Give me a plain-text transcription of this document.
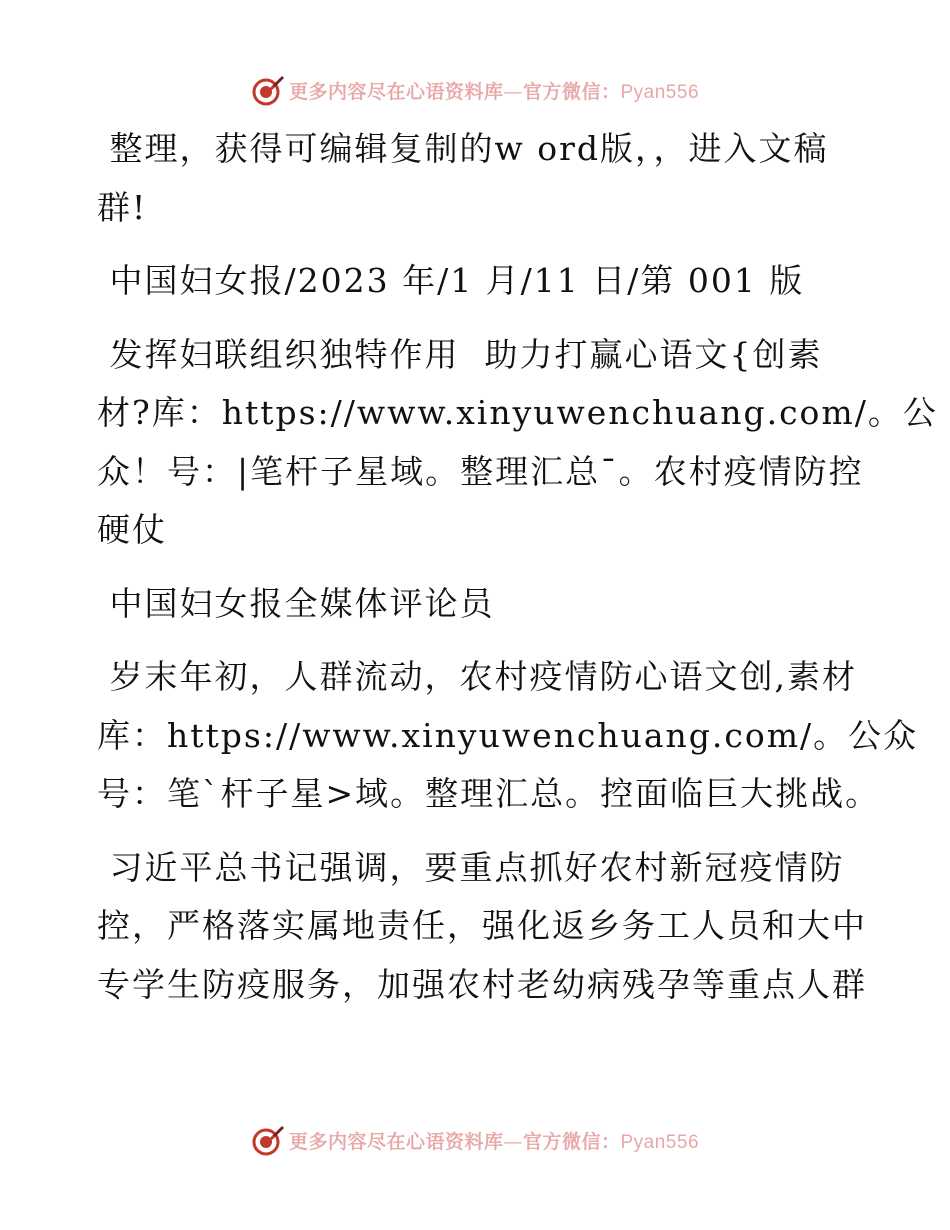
更多内容尽在心语资料库—官方微信：Pyan556
整理，获得可编辑复制的w ord版，，进入文稿
群!
中国妇女报/2023 年/1 月/11 日/第 001 版
发挥妇联组织独特作用  助力打赢心语文{创素
材?库：https://www.xinyuwenchuang.com/。公
众！号：|笔杆子星域。整理汇总¯。农村疫情防控
硬仗
中国妇女报全媒体评论员
岁末年初，人群流动，农村疫情防心语文创,素材
库：https://www.xinyuwenchuang.com/。公众
号：笔`杆子星>域。整理汇总。控面临巨大挑战。
习近平总书记强调，要重点抓好农村新冠疫情防
控，严格落实属地责任，强化返乡务工人员和大中
专学生防疫服务，加强农村老幼病残孕等重点人群
更多内容尽在心语资料库—官方微信：Pyan556
